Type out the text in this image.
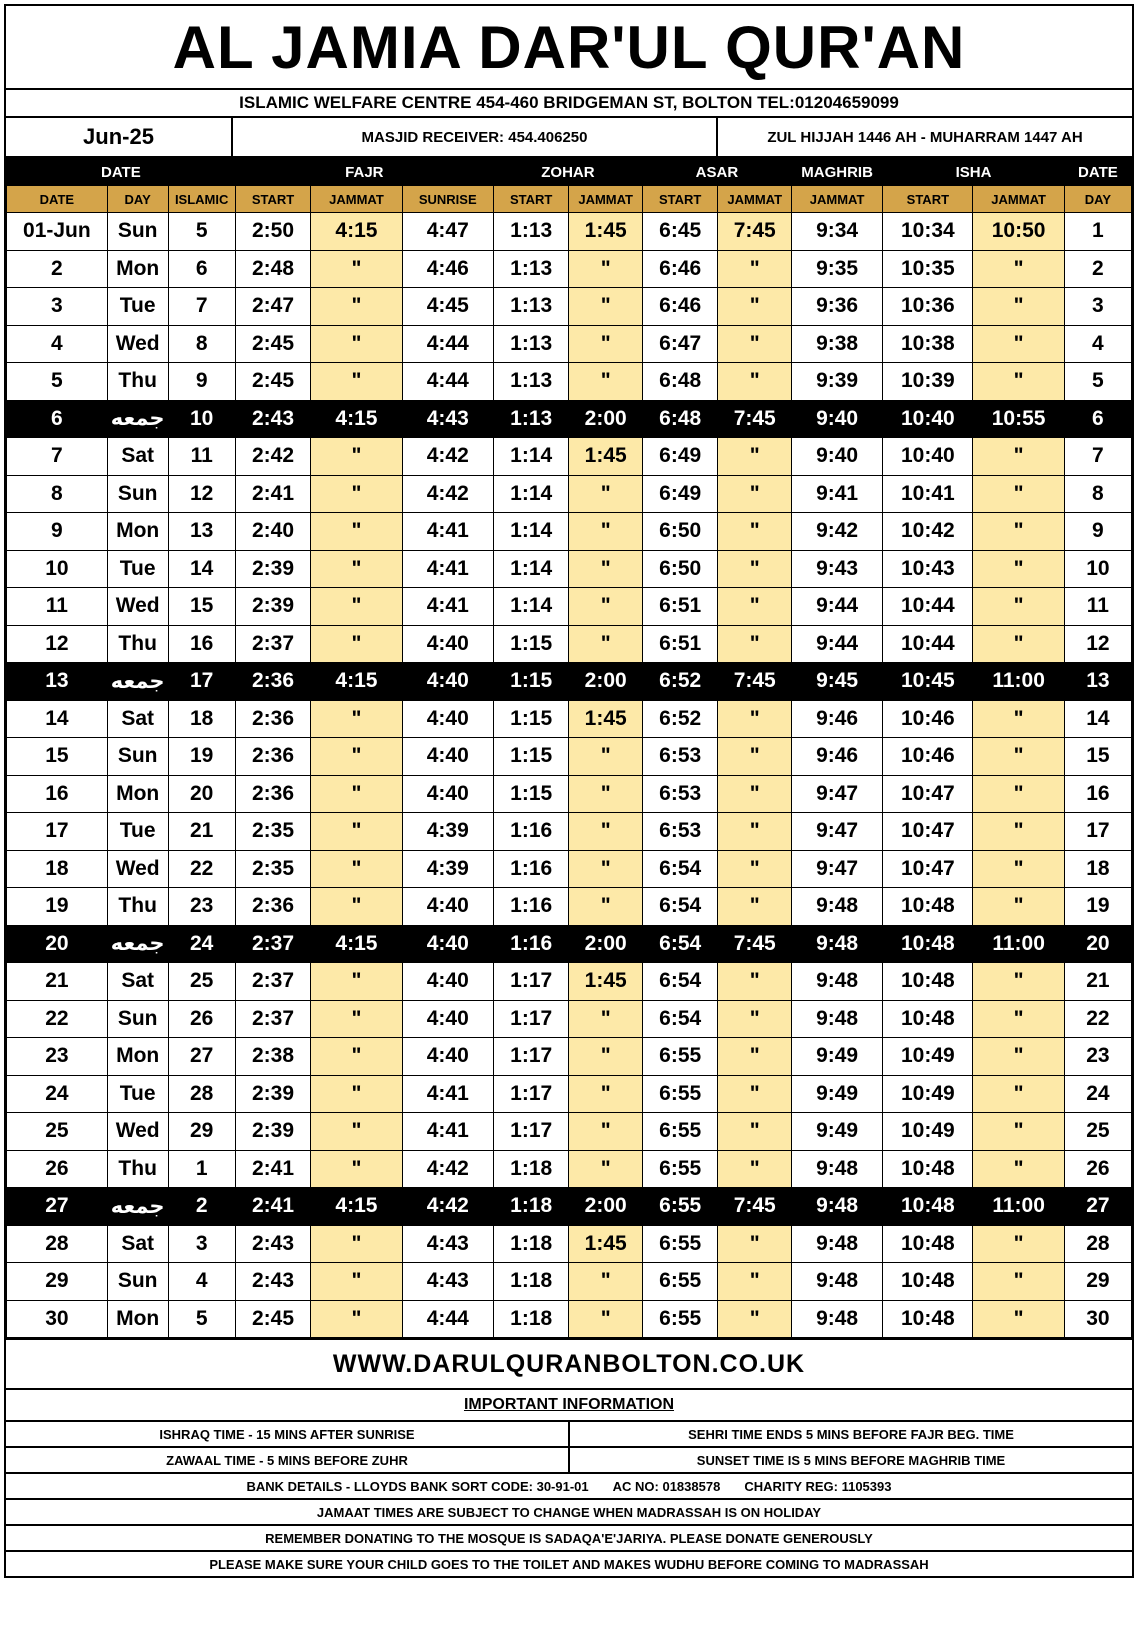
AL JAMIA DAR'UL QUR'AN
ISLAMIC WELFARE CENTRE 454-460 BRIDGEMAN ST, BOLTON TEL:01204659099
Jun-25	MASJID RECEIVER: 454.406250	ZUL HIJJAH 1446 AH - MUHARRAM 1447 AH
DATE			FAJR			ZOHAR		ASAR		MAGHRIB	ISHA		DATE
DATE	DAY	ISLAMIC	START	JAMMAT	SUNRISE	START	JAMMAT	START	JAMMAT	JAMMAT	START	JAMMAT	DAY
01-Jun	Sun	5	2:50	4:15	4:47	1:13	1:45	6:45	7:45	9:34	10:34	10:50	1
2	Mon	6	2:48	"	4:46	1:13	"	6:46	"	9:35	10:35	"	2
3	Tue	7	2:47	"	4:45	1:13	"	6:46	"	9:36	10:36	"	3
4	Wed	8	2:45	"	4:44	1:13	"	6:47	"	9:38	10:38	"	4
5	Thu	9	2:45	"	4:44	1:13	"	6:48	"	9:39	10:39	"	5
6	جمعه	10	2:43	4:15	4:43	1:13	2:00	6:48	7:45	9:40	10:40	10:55	6
7	Sat	11	2:42	"	4:42	1:14	1:45	6:49	"	9:40	10:40	"	7
8	Sun	12	2:41	"	4:42	1:14	"	6:49	"	9:41	10:41	"	8
9	Mon	13	2:40	"	4:41	1:14	"	6:50	"	9:42	10:42	"	9
10	Tue	14	2:39	"	4:41	1:14	"	6:50	"	9:43	10:43	"	10
11	Wed	15	2:39	"	4:41	1:14	"	6:51	"	9:44	10:44	"	11
12	Thu	16	2:37	"	4:40	1:15	"	6:51	"	9:44	10:44	"	12
13	جمعه	17	2:36	4:15	4:40	1:15	2:00	6:52	7:45	9:45	10:45	11:00	13
14	Sat	18	2:36	"	4:40	1:15	1:45	6:52	"	9:46	10:46	"	14
15	Sun	19	2:36	"	4:40	1:15	"	6:53	"	9:46	10:46	"	15
16	Mon	20	2:36	"	4:40	1:15	"	6:53	"	9:47	10:47	"	16
17	Tue	21	2:35	"	4:39	1:16	"	6:53	"	9:47	10:47	"	17
18	Wed	22	2:35	"	4:39	1:16	"	6:54	"	9:47	10:47	"	18
19	Thu	23	2:36	"	4:40	1:16	"	6:54	"	9:48	10:48	"	19
20	جمعه	24	2:37	4:15	4:40	1:16	2:00	6:54	7:45	9:48	10:48	11:00	20
21	Sat	25	2:37	"	4:40	1:17	1:45	6:54	"	9:48	10:48	"	21
22	Sun	26	2:37	"	4:40	1:17	"	6:54	"	9:48	10:48	"	22
23	Mon	27	2:38	"	4:40	1:17	"	6:55	"	9:49	10:49	"	23
24	Tue	28	2:39	"	4:41	1:17	"	6:55	"	9:49	10:49	"	24
25	Wed	29	2:39	"	4:41	1:17	"	6:55	"	9:49	10:49	"	25
26	Thu	1	2:41	"	4:42	1:18	"	6:55	"	9:48	10:48	"	26
27	جمعه	2	2:41	4:15	4:42	1:18	2:00	6:55	7:45	9:48	10:48	11:00	27
28	Sat	3	2:43	"	4:43	1:18	1:45	6:55	"	9:48	10:48	"	28
29	Sun	4	2:43	"	4:43	1:18	"	6:55	"	9:48	10:48	"	29
30	Mon	5	2:45	"	4:44	1:18	"	6:55	"	9:48	10:48	"	30
WWW.DARULQURANBOLTON.CO.UK
IMPORTANT INFORMATION
ISHRAQ TIME - 15 MINS AFTER SUNRISE	SEHRI TIME ENDS 5 MINS BEFORE FAJR BEG. TIME
ZAWAAL TIME - 5 MINS BEFORE ZUHR	SUNSET TIME IS 5 MINS BEFORE MAGHRIB TIME
BANK DETAILS - LLOYDS BANK SORT CODE: 30-91-01 AC NO: 01838578 CHARITY REG: 1105393
JAMAAT TIMES ARE SUBJECT TO CHANGE WHEN MADRASSAH IS ON HOLIDAY
REMEMBER DONATING TO THE MOSQUE IS SADAQA'E'JARIYA. PLEASE DONATE GENEROUSLY
PLEASE MAKE SURE YOUR CHILD GOES TO THE TOILET AND MAKES WUDHU BEFORE COMING TO MADRASSAH
